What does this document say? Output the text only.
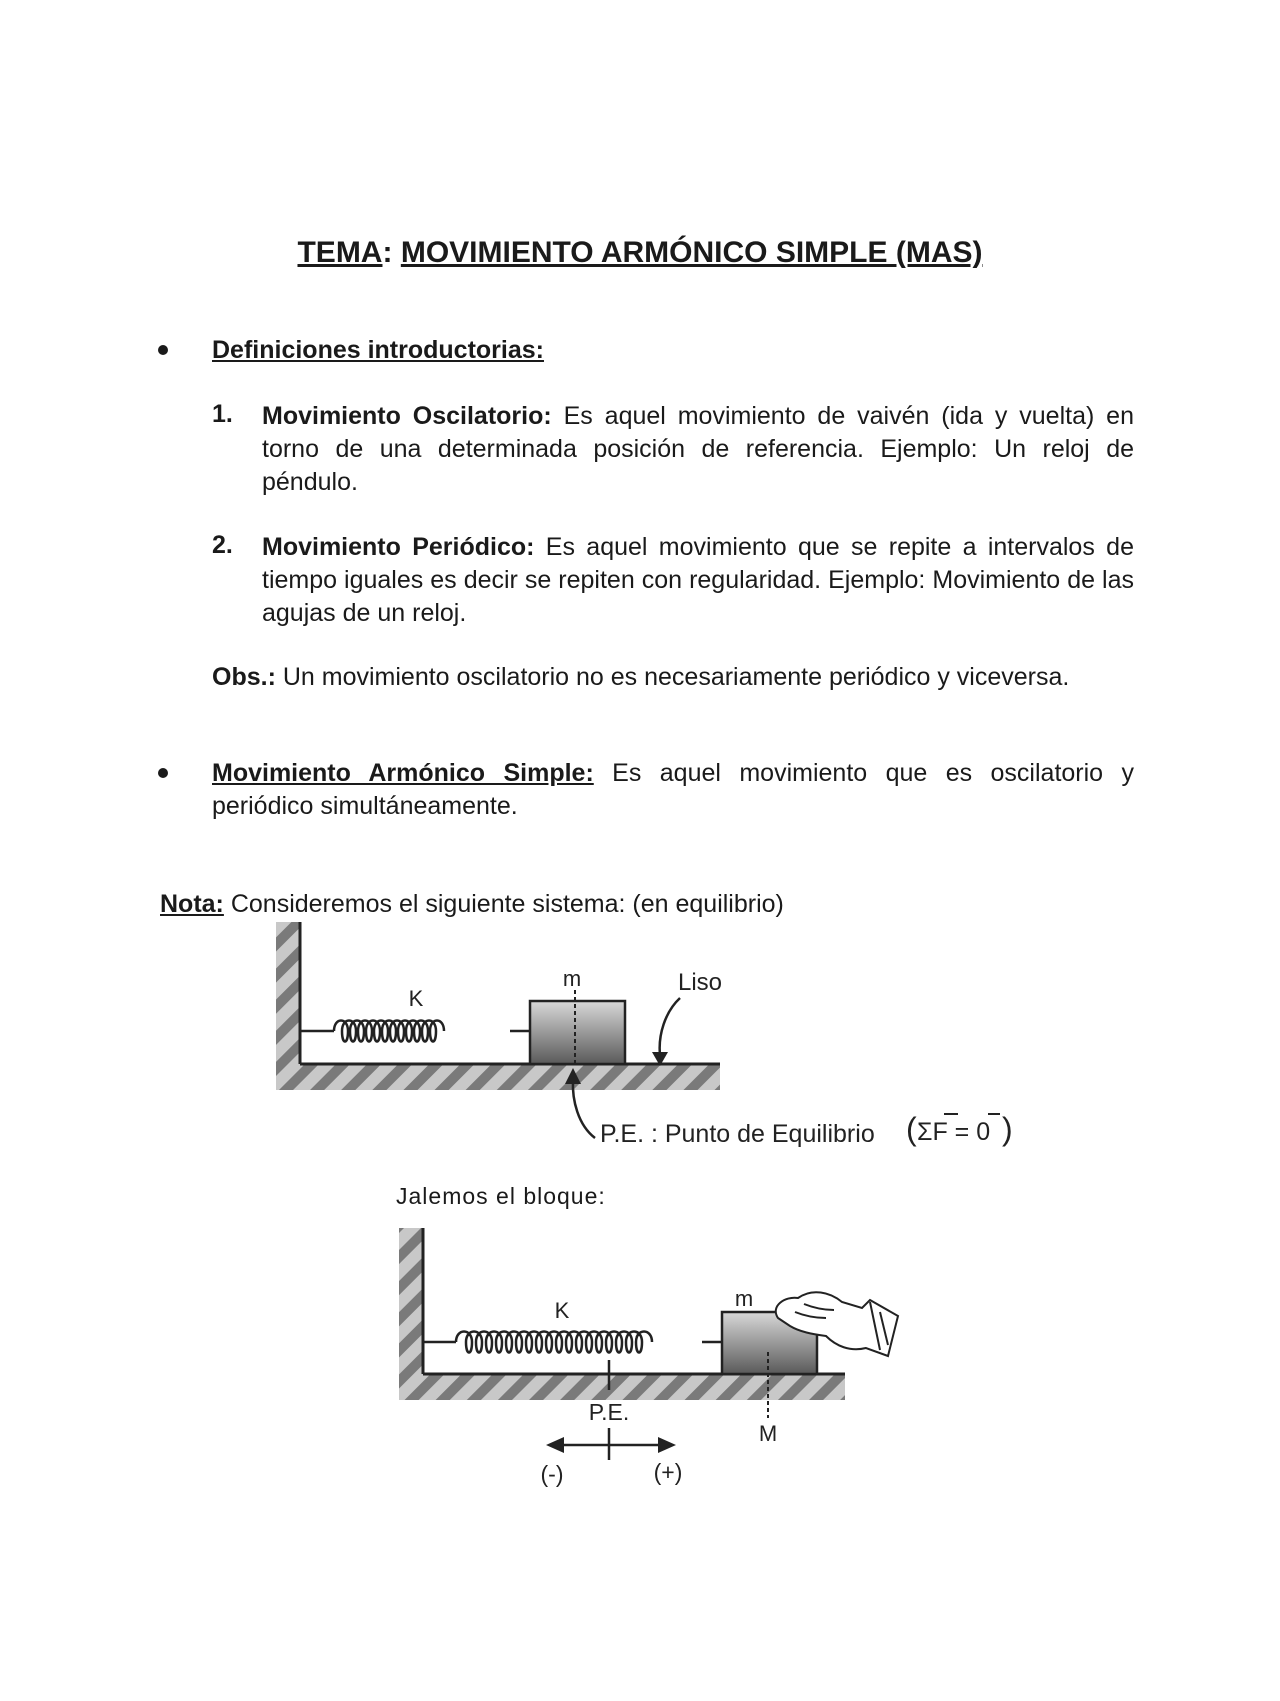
TEMA: MOVIMIENTO ARMÓNICO SIMPLE (MAS)
Definiciones introductorias:
1. Movimiento Oscilatorio: Es aquel movimiento de vaivén (ida y vuelta) en torno de una determinada posición de referencia. Ejemplo: Un reloj de péndulo.
2. Movimiento Periódico: Es aquel movimiento que se repite a intervalos de tiempo iguales es decir se repiten con regularidad. Ejemplo: Movimiento de las agujas de un reloj.
Obs.: Un movimiento oscilatorio no es necesariamente periódico y viceversa.
Movimiento Armónico Simple: Es aquel movimiento que es oscilatorio y periódico simultáneamente.
Nota: Consideremos el siguiente sistema: (en equilibrio)
m
K
Liso
P.E. : Punto de Equilibrio ( ΣF = 0 )
Jalemos el bloque:
K	m
P.E.
M
(-)	(+)
